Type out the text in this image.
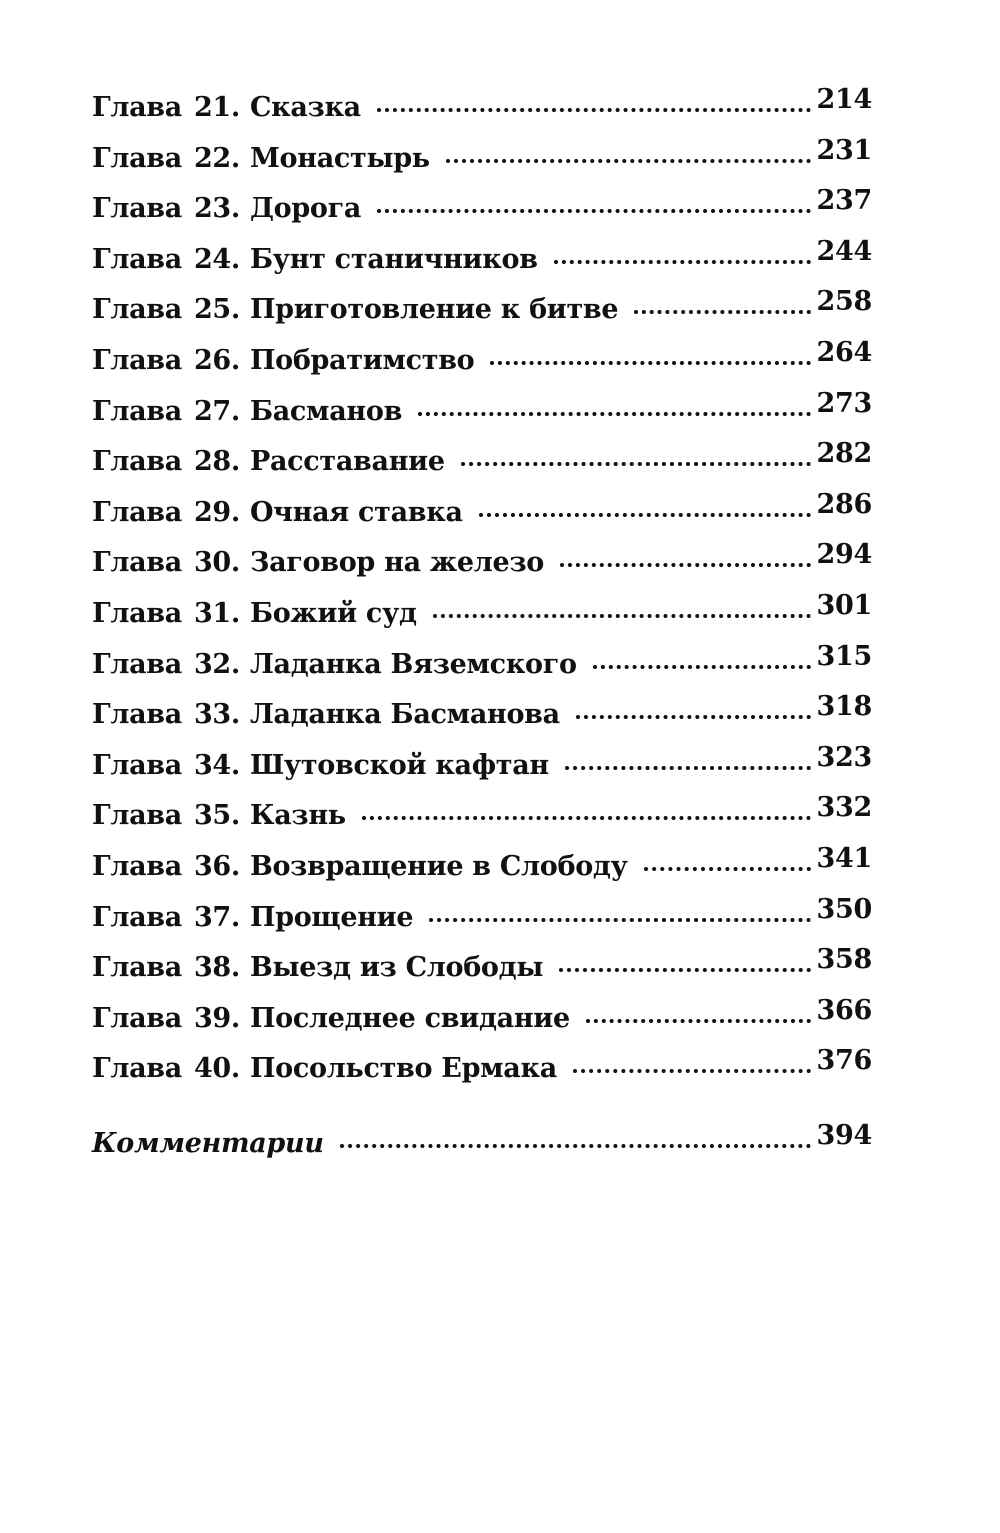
Глава 21. Сказка	214
Глава 22. Монастырь	231
Глава 23. Дорога	237
Глава 24. Бунт станичников	244
Глава 25. Приготовление к битве	258
Глава 26. Побратимство	264
Глава 27. Басманов	273
Глава 28. Расставание	282
Глава 29. Очная ставка	286
Глава 30. Заговор на железо	294
Глава 31. Божий суд	301
Глава 32. Ладанка Вяземского	315
Глава 33. Ладанка Басманова	318
Глава 34. Шутовской кафтан	323
Глава 35. Казнь	332
Глава 36. Возвращение в Слободу	341
Глава 37. Прощение	350
Глава 38. Выезд из Слободы	358
Глава 39. Последнее свидание	366
Глава 40. Посольство Ермака	376
Комментарии	394
